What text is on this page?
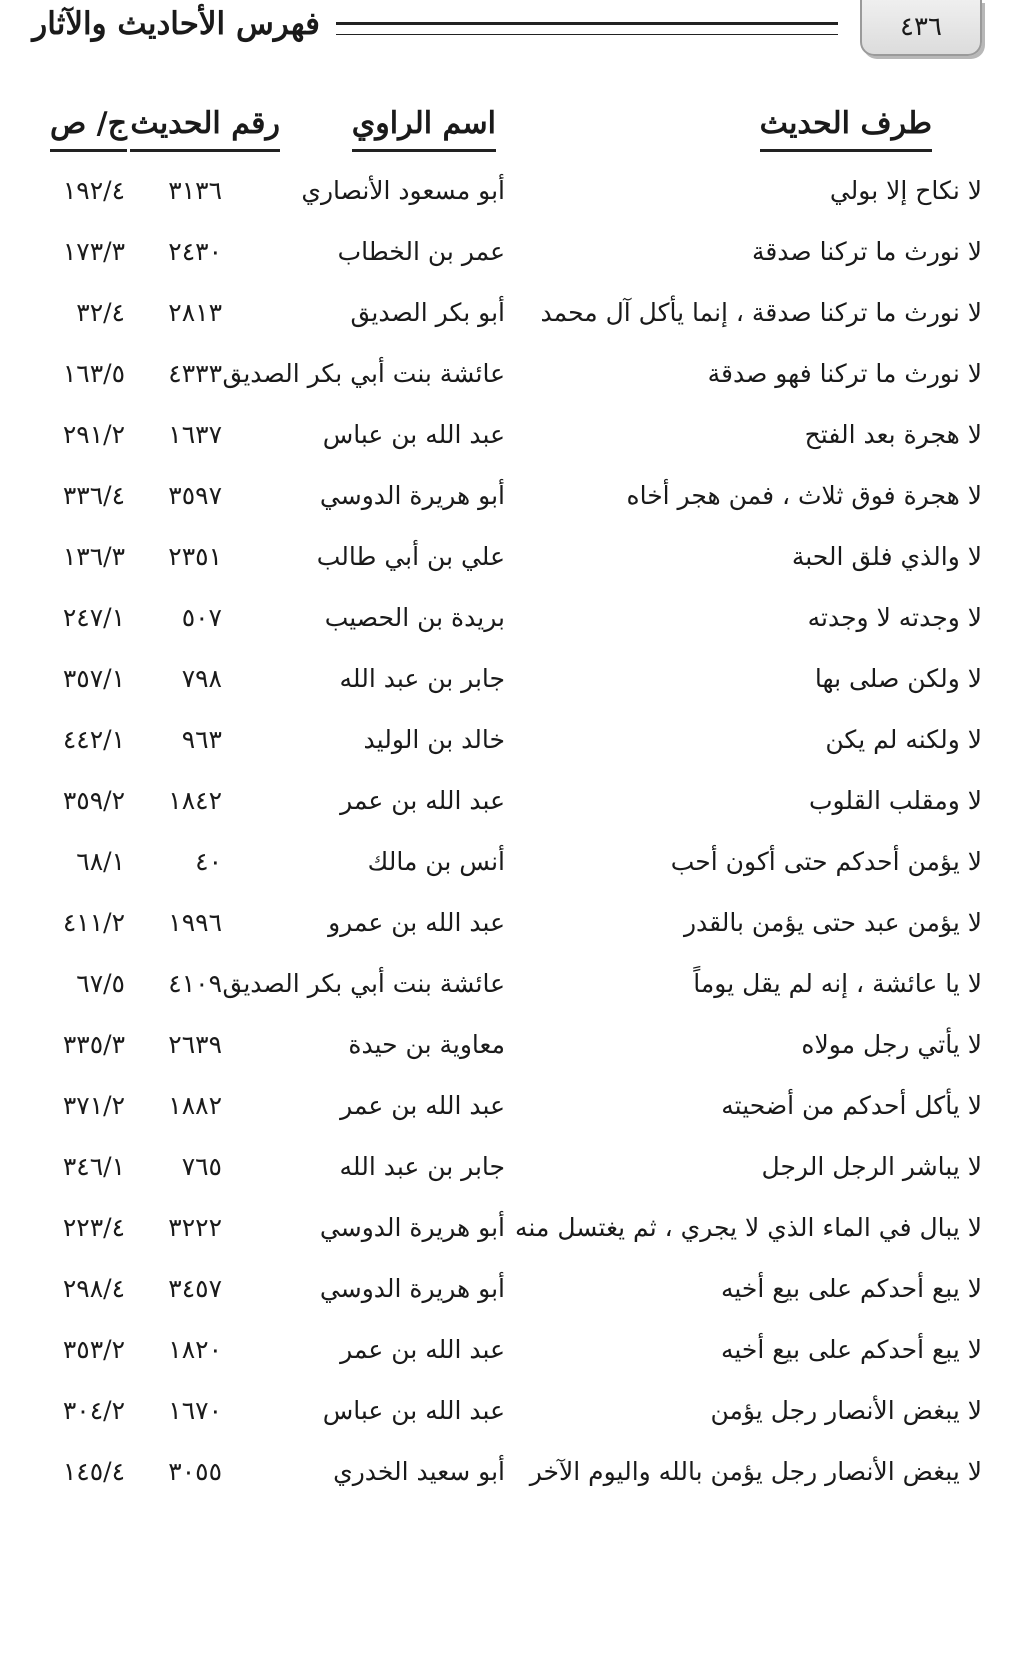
٤٣٦
فهرس الأحاديث والآثار
طرف الحديث
اسم الراوي
رقم الحديث
ج/ ص
لا نكاح إلا بولي
أبو مسعود الأنصاري
٣١٣٦
١٩٢/٤
لا نورث ما تركنا صدقة
عمر بن الخطاب
٢٤٣٠
١٧٣/٣
لا نورث ما تركنا صدقة ، إنما يأكل آل محمد
أبو بكر الصديق
٢٨١٣
٣٢/٤
لا نورث ما تركنا فهو صدقة
عائشة بنت أبي بكر الصديق
٤٣٣٣
١٦٣/٥
لا هجرة بعد الفتح
عبد الله بن عباس
١٦٣٧
٢٩١/٢
لا هجرة فوق ثلاث ، فمن هجر أخاه
أبو هريرة الدوسي
٣٥٩٧
٣٣٦/٤
لا والذي فلق الحبة
علي بن أبي طالب
٢٣٥١
١٣٦/٣
لا وجدته لا وجدته
بريدة بن الحصيب
٥٠٧
٢٤٧/١
لا ولكن صلى بها
جابر بن عبد الله
٧٩٨
٣٥٧/١
لا ولكنه لم يكن
خالد بن الوليد
٩٦٣
٤٤٢/١
لا ومقلب القلوب
عبد الله بن عمر
١٨٤٢
٣٥٩/٢
لا يؤمن أحدكم حتى أكون أحب
أنس بن مالك
٤٠
٦٨/١
لا يؤمن عبد حتى يؤمن بالقدر
عبد الله بن عمرو
١٩٩٦
٤١١/٢
لا يا عائشة ، إنه لم يقل يوماً
عائشة بنت أبي بكر الصديق
٤١٠٩
٦٧/٥
لا يأتي رجل مولاه
معاوية بن حيدة
٢٦٣٩
٣٣٥/٣
لا يأكل أحدكم من أضحيته
عبد الله بن عمر
١٨٨٢
٣٧١/٢
لا يباشر الرجل الرجل
جابر بن عبد الله
٧٦٥
٣٤٦/١
لا يبال في الماء الذي لا يجري ، ثم يغتسل منه
أبو هريرة الدوسي
٣٢٢٢
٢٢٣/٤
لا يبع أحدكم على بيع أخيه
أبو هريرة الدوسي
٣٤٥٧
٢٩٨/٤
لا يبع أحدكم على بيع أخيه
عبد الله بن عمر
١٨٢٠
٣٥٣/٢
لا يبغض الأنصار رجل يؤمن
عبد الله بن عباس
١٦٧٠
٣٠٤/٢
لا يبغض الأنصار رجل يؤمن بالله واليوم الآخر
أبو سعيد الخدري
٣٠٥٥
١٤٥/٤
